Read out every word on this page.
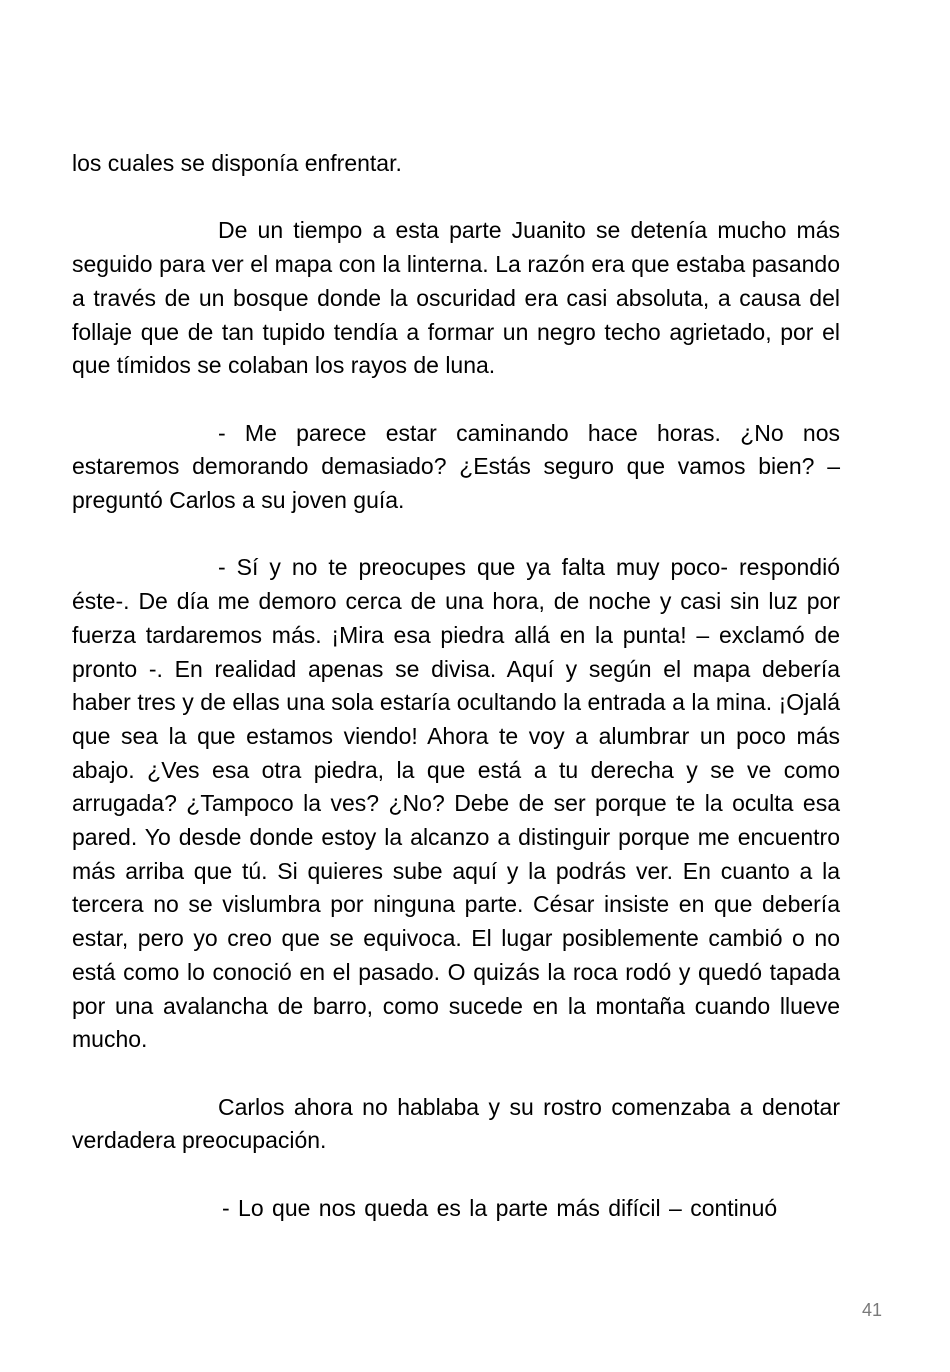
los cuales se disponía enfrentar.

De un tiempo a esta parte Juanito se detenía mucho más seguido para ver el mapa con la linterna. La razón era que estaba pasando a través de un bosque donde la oscuridad era casi absoluta, a causa del follaje que de tan tupido tendía a formar un negro techo agrietado, por el que tímidos se colaban los rayos de luna.

- Me parece estar caminando hace horas. ¿No nos estaremos demorando demasiado? ¿Estás seguro que vamos bien? – preguntó Carlos a su joven guía.

- Sí y no te preocupes que ya falta muy poco- respondió éste-. De día me demoro cerca de una hora, de noche y casi sin luz por fuerza tardaremos más. ¡Mira esa piedra allá en la punta! – exclamó de pronto -. En realidad apenas se divisa. Aquí y según el mapa debería haber tres y de ellas una sola estaría ocultando la entrada a la mina. ¡Ojalá que sea la que estamos viendo! Ahora te voy a alumbrar un poco más abajo. ¿Ves esa otra piedra, la que está a tu derecha y se ve como arrugada? ¿Tampoco la ves? ¿No? Debe de ser porque te la oculta esa pared. Yo desde donde estoy la alcanzo a distinguir porque me encuentro más arriba que tú. Si quieres sube aquí y la podrás ver. En cuanto a la tercera no se vislumbra por ninguna parte. César insiste en que debería estar, pero yo creo que se equivoca. El lugar posiblemente cambió o no está como lo conoció en el pasado. O quizás la roca rodó y quedó tapada por una avalancha de barro, como sucede en la montaña cuando llueve mucho.

Carlos ahora no hablaba y su rostro comenzaba a denotar verdadera preocupación.

- Lo que nos queda es la parte más difícil – continuó

41
